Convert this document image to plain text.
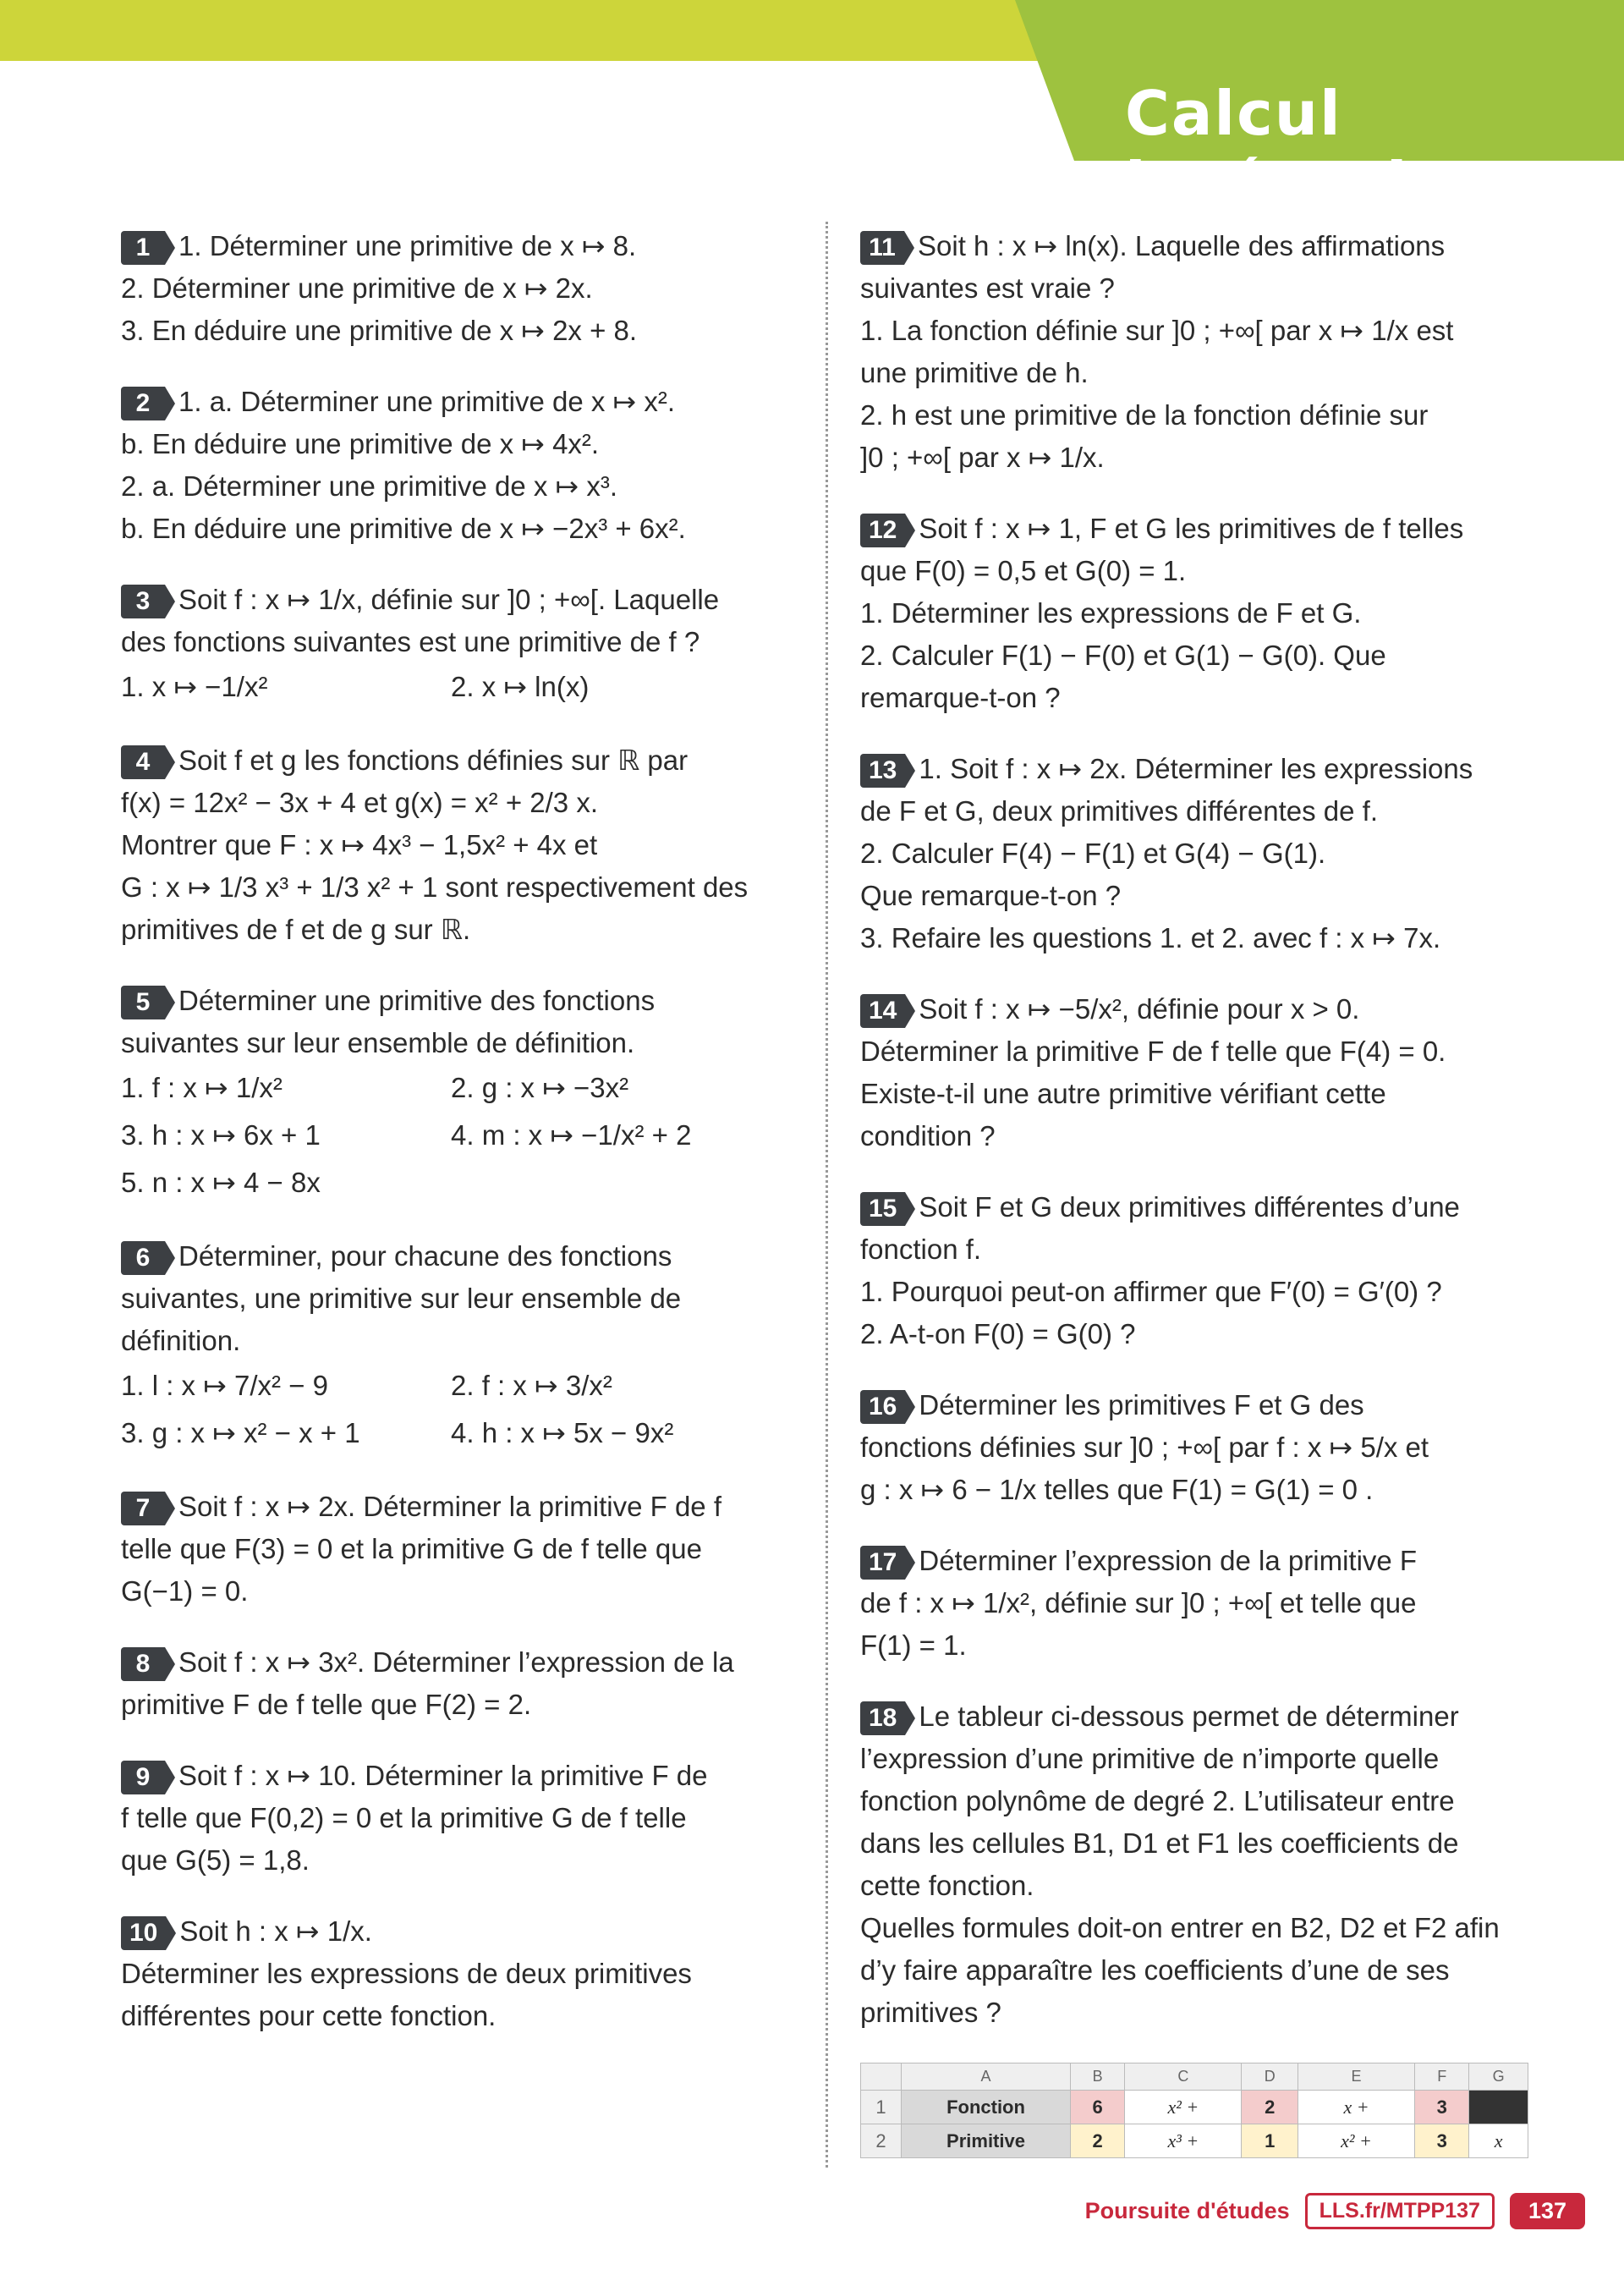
Calcul intégral

1 1. Déterminer une primitive de x ↦ 8.

2. Déterminer une primitive de x ↦ 2x.

3. En déduire une primitive de x ↦ 2x + 8.

2 1. a. Déterminer une primitive de x ↦ x².

b. En déduire une primitive de x ↦ 4x².

2. a. Déterminer une primitive de x ↦ x³.

b. En déduire une primitive de x ↦ −2x³ + 6x².

3 Soit f : x ↦ 1/x, définie sur ]0 ; +∞[. Laquelle

des fonctions suivantes est une primitive de f ?

1. x ↦ −1/x²	2. x ↦ ln(x)

4 Soit f et g les fonctions définies sur ℝ par

f(x) = 12x² − 3x + 4 et g(x) = x² + 2/3 x.

Montrer que F : x ↦ 4x³ − 1,5x² + 4x et

G : x ↦ 1/3 x³ + 1/3 x² + 1 sont respectivement des

primitives de f et de g sur ℝ.

5 Déterminer une primitive des fonctions

suivantes sur leur ensemble de définition.

1. f : x ↦ 1/x²	2. g : x ↦ −3x²
3. h : x ↦ 6x + 1	4. m : x ↦ −1/x² + 2
5. n : x ↦ 4 − 8x

6 Déterminer, pour chacune des fonctions

suivantes, une primitive sur leur ensemble de

définition.

1. l : x ↦ 7/x² − 9	2. f : x ↦ 3/x²
3. g : x ↦ x² − x + 1	4. h : x ↦ 5x − 9x²

7 Soit f : x ↦ 2x. Déterminer la primitive F de f

telle que F(3) = 0 et la primitive G de f telle que

G(−1) = 0.

8 Soit f : x ↦ 3x². Déterminer l’expression de la

primitive F de f telle que F(2) = 2.

9 Soit f : x ↦ 10. Déterminer la primitive F de

f telle que F(0,2) = 0 et la primitive G de f telle

que G(5) = 1,8.

10 Soit h : x ↦ 1/x.

Déterminer les expressions de deux primitives

différentes pour cette fonction.

11 Soit h : x ↦ ln(x). Laquelle des affirmations

suivantes est vraie ?

1. La fonction définie sur ]0 ; +∞[ par x ↦ 1/x est

une primitive de h.

2. h est une primitive de la fonction définie sur

]0 ; +∞[ par x ↦ 1/x.

12 Soit f : x ↦ 1, F et G les primitives de f telles

que F(0) = 0,5 et G(0) = 1.

1. Déterminer les expressions de F et G.

2. Calculer F(1) − F(0) et G(1) − G(0). Que

remarque-t-on ?

13 1. Soit f : x ↦ 2x. Déterminer les expressions

de F et G, deux primitives différentes de f.

2. Calculer F(4) − F(1) et G(4) − G(1).

Que remarque-t-on ?

3. Refaire les questions 1. et 2. avec f : x ↦ 7x.

14 Soit f : x ↦ −5/x², définie pour x > 0.

Déterminer la primitive F de f telle que F(4) = 0.

Existe-t-il une autre primitive vérifiant cette

condition ?

15 Soit F et G deux primitives différentes d’une

fonction f.

1. Pourquoi peut-on affirmer que F′(0) = G′(0) ?

2. A-t-on F(0) = G(0) ?

16 Déterminer les primitives F et G des

fonctions définies sur ]0 ; +∞[ par f : x ↦ 5/x et

g : x ↦ 6 − 1/x telles que F(1) = G(1) = 0 .

17 Déterminer l’expression de la primitive F

de f : x ↦ 1/x², définie sur ]0 ; +∞[ et telle que

F(1) = 1.

18 Le tableur ci-dessous permet de déterminer

l’expression d’une primitive de n’importe quelle

fonction polynôme de degré 2. L’utilisateur entre

dans les cellules B1, D1 et F1 les coefficients de

cette fonction.

Quelles formules doit-on entrer en B2, D2 et F2 afin

d’y faire apparaître les coefficients d’une de ses

primitives ?

	A	B	C	D	E	F	G
1	Fonction	6	x² +	2	x +	3	
2	Primitive	2	x³ +	1	x² +	3	x
Poursuite d'études	LLS.fr/MTPP137	137
